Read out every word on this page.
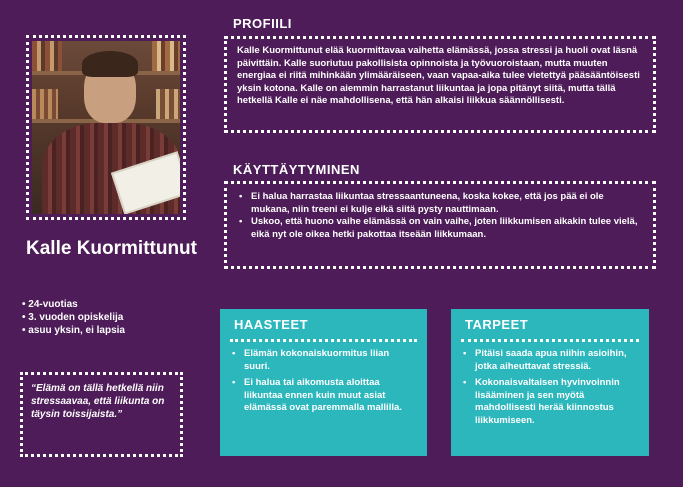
Kalle Kuormittunut
• 24-vuotias
• 3. vuoden opiskelija
• asuu yksin, ei lapsia
“Elämä on tällä hetkellä niin stressaavaa, että liikunta on täysin toissijaista.”
PROFIILI

Kalle Kuormittunut elää kuormittavaa vaihetta elämässä, jossa stressi ja huoli ovat läsnä päivittäin. Kalle suoriutuu pakollisista opinnoista ja työvuoroistaan, mutta muuten energiaa ei riitä mihinkään ylimääräiseen, vaan vapaa-aika tulee vietettyä pääsääntöisesti yksin kotona. Kalle on aiemmin harrastanut liikuntaa ja jopa pitänyt siitä, mutta tällä hetkellä Kalle ei näe mahdollisena, että hän alkaisi liikkua säännöllisesti.

KÄYTTÄYTYMINEN
• Ei halua harrastaa liikuntaa stressaantuneena, koska kokee, että jos pää ei ole mukana, niin treeni ei kulje eikä siitä pysty nauttimaan.
• Uskoo, että huono vaihe elämässä on vain vaihe, joten liikkumisen aikakin tulee vielä, eikä nyt ole oikea hetki pakottaa itseään liikkumaan.
HAASTEET
• Elämän kokonaiskuormitus liian suuri.
• Ei halua tai aikomusta aloittaa liikuntaa ennen kuin muut asiat elämässä ovat paremmalla mallilla.
TARPEET
• Pitäisi saada apua niihin asioihin, jotka aiheuttavat stressiä.
• Kokonaisvaltaisen hyvinvoinnin lisääminen ja sen myötä mahdollisesti herää kiinnostus liikkumiseen.
